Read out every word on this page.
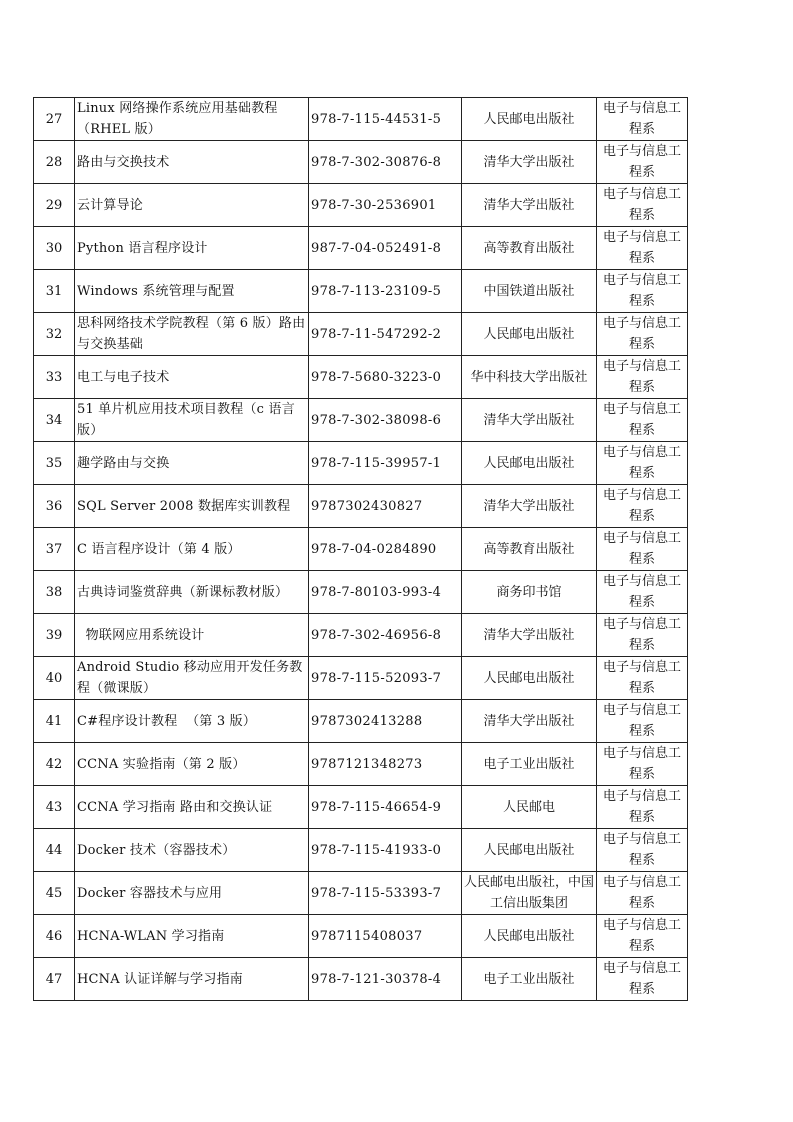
27	Linux 网络操作系统应用基础教程（RHEL 版）	978-7-115-44531-5	人民邮电出版社	电子与信息工程系
28	路由与交换技术	978-7-302-30876-8	清华大学出版社	电子与信息工程系
29	云计算导论	978-7-30-2536901	清华大学出版社	电子与信息工程系
30	Python 语言程序设计	987-7-04-052491-8	高等教育出版社	电子与信息工程系
31	Windows 系统管理与配置	978-7-113-23109-5	中国铁道出版社	电子与信息工程系
32	思科网络技术学院教程（第 6 版）路由与交换基础	978-7-11-547292-2	人民邮电出版社	电子与信息工程系
33	电工与电子技术	978-7-5680-3223-0	华中科技大学出版社	电子与信息工程系
34	51 单片机应用技术项目教程（c 语言版）	978-7-302-38098-6	清华大学出版社	电子与信息工程系
35	趣学路由与交换	978-7-115-39957-1	人民邮电出版社	电子与信息工程系
36	SQL Server 2008 数据库实训教程	9787302430827	清华大学出版社	电子与信息工程系
37	C 语言程序设计（第 4 版）	978-7-04-0284890	高等教育出版社	电子与信息工程系
38	古典诗词鉴赏辞典（新课标教材版）	978-7-80103-993-4	商务印书馆	电子与信息工程系
39	物联网应用系统设计	978-7-302-46956-8	清华大学出版社	电子与信息工程系
40	Android Studio 移动应用开发任务教程（微课版）	978-7-115-52093-7	人民邮电出版社	电子与信息工程系
41	C#程序设计教程  （第 3 版）	9787302413288	清华大学出版社	电子与信息工程系
42	CCNA 实验指南（第 2 版）	9787121348273	电子工业出版社	电子与信息工程系
43	CCNA 学习指南 路由和交换认证	978-7-115-46654-9	人民邮电	电子与信息工程系
44	Docker 技术（容器技术）	978-7-115-41933-0	人民邮电出版社	电子与信息工程系
45	Docker 容器技术与应用	978-7-115-53393-7	人民邮电出版社，中国工信出版集团	电子与信息工程系
46	HCNA-WLAN 学习指南	9787115408037	人民邮电出版社	电子与信息工程系
47	HCNA 认证详解与学习指南	978-7-121-30378-4	电子工业出版社	电子与信息工程系
